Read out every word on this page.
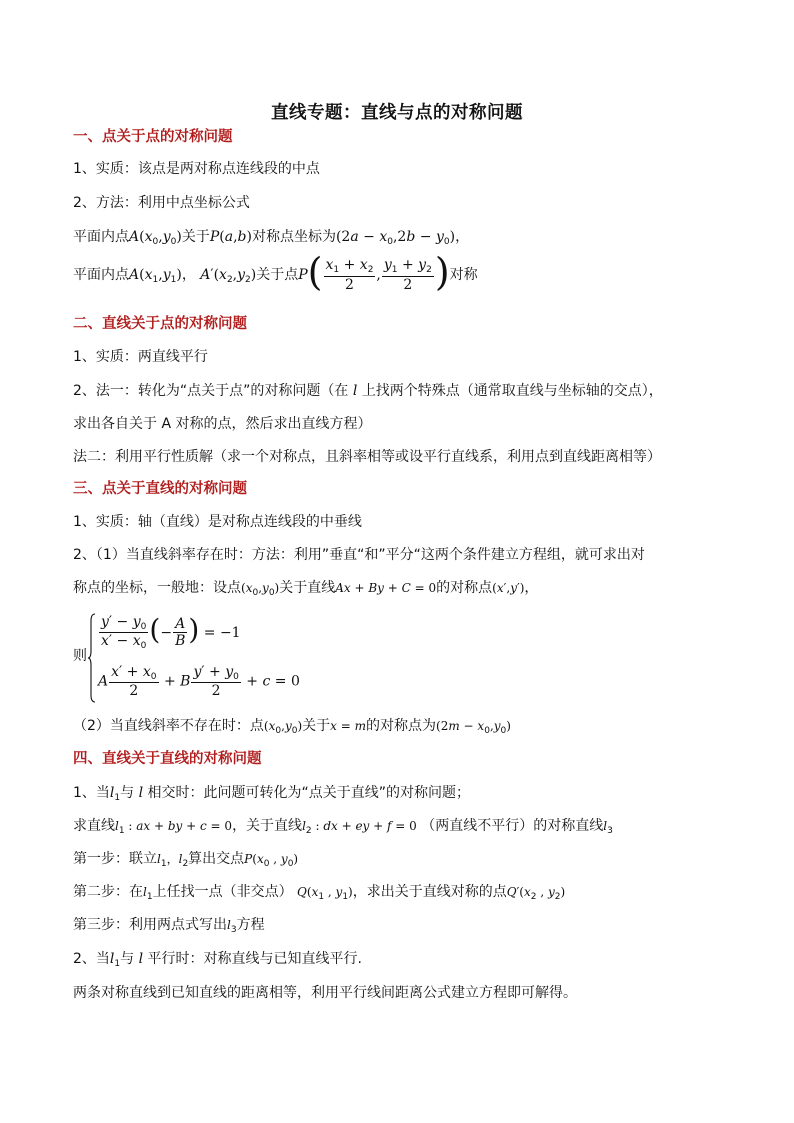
直线专题：直线与点的对称问题
一、点关于点的对称问题
1、实质：该点是两对称点连线段的中点
2、方法：利用中点坐标公式
平面内点$A(x_0,y_0)$关于P(a,b)对称点坐标为$(2a - x_0,2b - y_0)$，
平面内点$A(x_1,y_1)$， $A'(x_2,y_2)$关于点$P( \frac{x_1 + x_2}{2}$ , $\frac{y_1 + y_2}{2}$ )对称
二、直线关于点的对称问题
1、实质：两直线平行
2、法一：转化为“点关于点”的对称问题（在 l 上找两个特殊点（通常取直线与坐标轴的交点），
求出各自关于 A 对称的点，然后求出直线方程）
法二：利用平行性质解（求一个对称点，且斜率相等或设平行直线系，利用点到直线距离相等）
三、点关于直线的对称问题
1、实质：轴（直线）是对称点连线段的中垂线
2、（1）当直线斜率存在时：方法：利用”垂直“和”平分“这两个条件建立方程组，就可求出对
称点的坐标，一般地：设点$(x_0,y_0)$关于直线Ax + By + C = 0的对称点(x′,y′)，
则
$\frac{y' - y_0}{x' - x_0}$ (− $\frac{A}{B}$ ) = −1
A $\frac{x' + x_0}{2} + B \frac{y' + y_0}{2} + c = 0$
（2）当直线斜率不存在时：点$(x_0,y_0)$关于x = m的对称点为$(2m - x_0,y_0)$
四、直线关于直线的对称问题
1、当$l_1$与 l 相交时：此问题可转化为“点关于直线”的对称问题；
求直线$l_1$ : ax + by + c = 0，关于直线$l_2$ : dx + ey + f = 0 （两直线不平行）的对称直线$l_3$
第一步：联立$l_1$，$l_2$算出交点$P(x_0$ , $y_0$)
第二步：在$l_1$上任找一点（非交点） $Q(x_1$ , $y_1$)，求出关于直线对称的点$Q'(x_2$ , $y_2$)
第三步：利用两点式写出$l_3$方程
2、当$l_1$与 l 平行时：对称直线与已知直线平行.
两条对称直线到已知直线的距离相等，利用平行线间距离公式建立方程即可解得。
